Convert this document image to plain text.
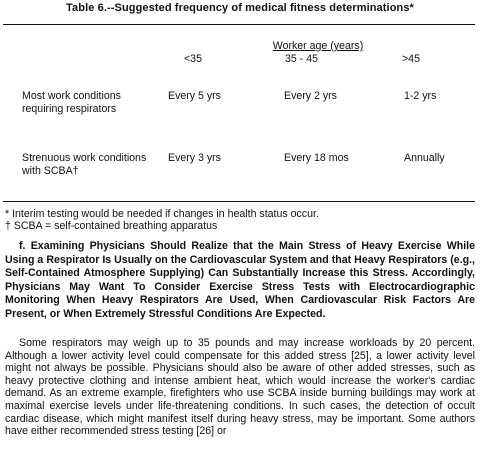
Table 6.--Suggested frequency of medical fitness determinations*
Worker age (years)
<35	35 - 45	>45
Most work conditions requiring respirators
Every 5 yrs	Every 2 yrs	1-2 yrs
Strenuous work conditions with SCBA†
Every 3 yrs	Every 18 mos	Annually
* Interim testing would be needed if changes in health status occur.
† SCBA = self-contained breathing apparatus
f. Examining Physicians Should Realize that the Main Stress of Heavy Exercise While Using a Respirator Is Usually on the Cardiovascular System and that Heavy Respirators (e.g., Self-Contained Atmosphere Supplying) Can Substantially Increase this Stress. Accordingly, Physicians May Want To Consider Exercise Stress Tests with Electrocardiographic Monitoring When Heavy Respirators Are Used, When Cardiovascular Risk Factors Are Present, or When Extremely Stressful Conditions Are Expected.
Some respirators may weigh up to 35 pounds and may increase workloads by 20 percent. Although a lower activity level could compensate for this added stress [25], a lower activity level might not always be possible. Physicians should also be aware of other added stresses, such as heavy protective clothing and intense ambient heat, which would increase the worker's cardiac demand. As an extreme example, firefighters who use SCBA inside burning buildings may work at maximal exercise levels under life-threatening conditions. In such cases, the detection of occult cardiac disease, which might manifest itself during heavy stress, may be important. Some authors have either recommended stress testing [26] or
